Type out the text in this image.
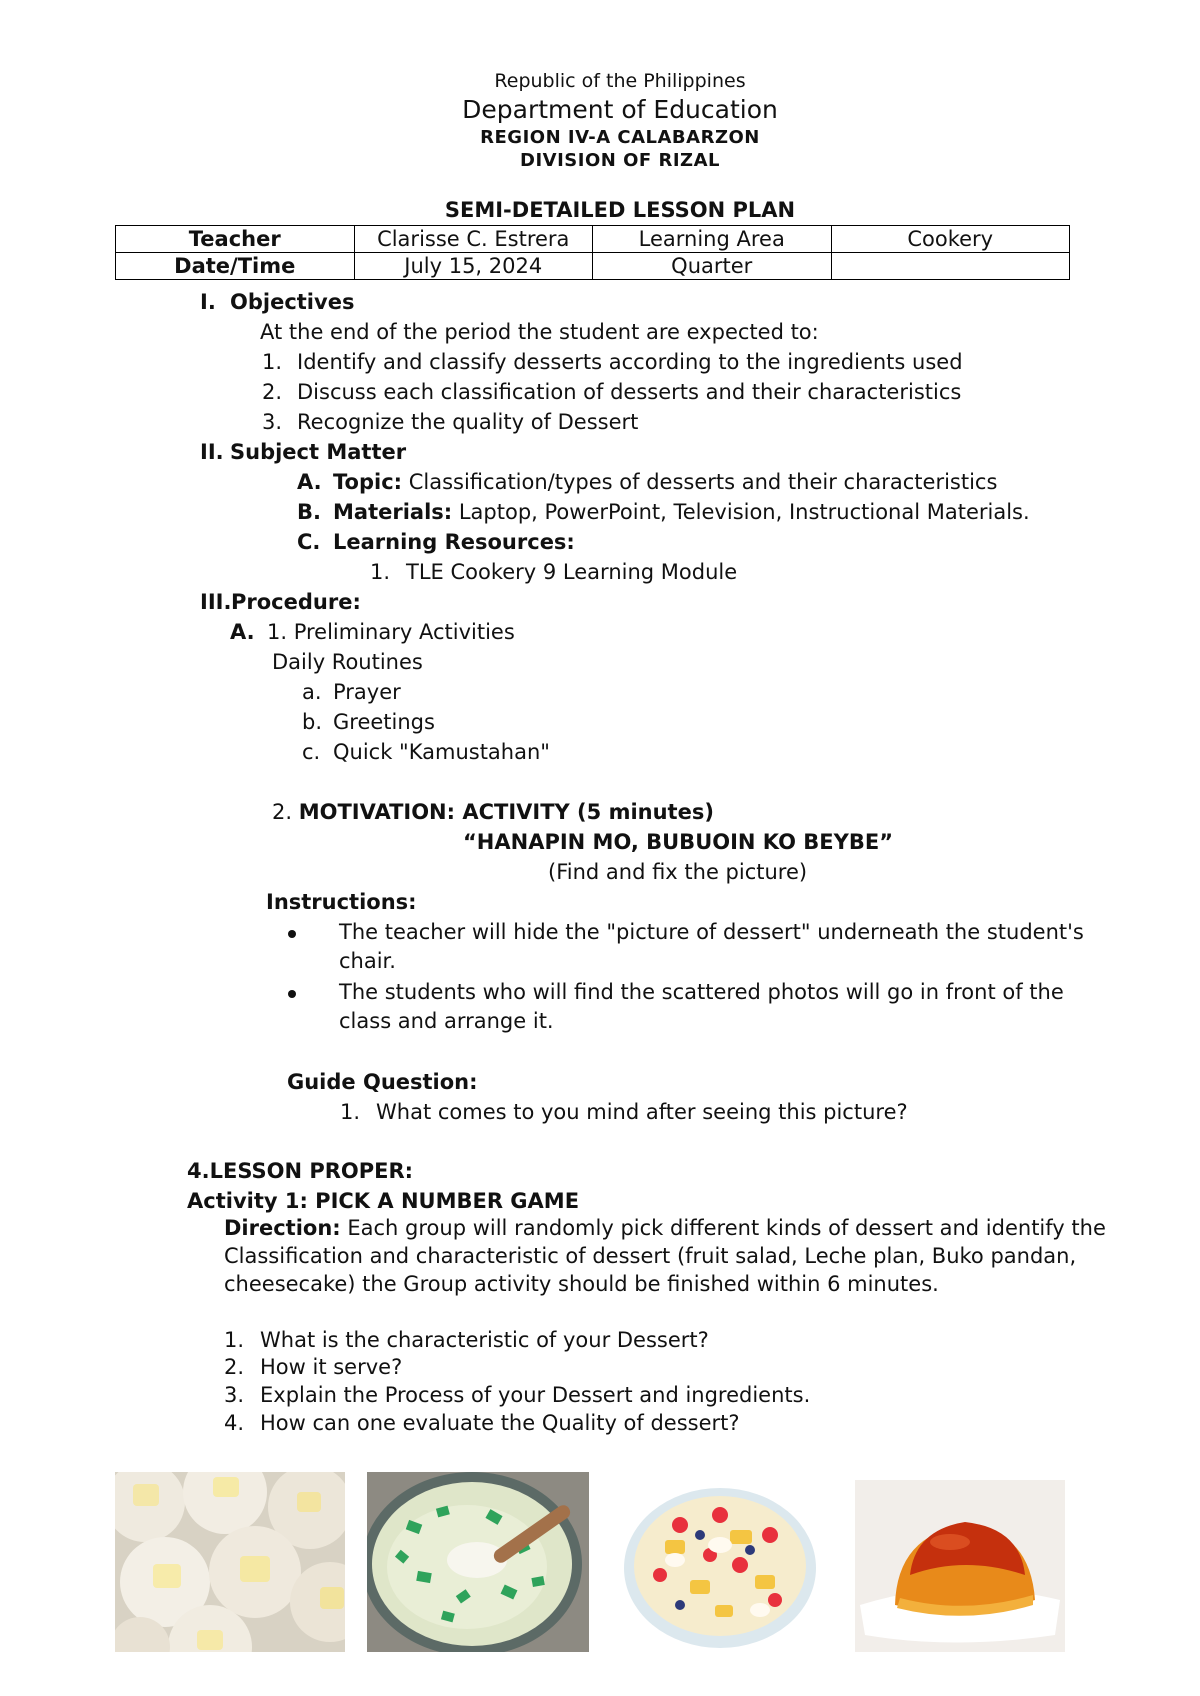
Republic of the Philippines
Department of Education
REGION IV-A CALABARZON
DIVISION OF RIZAL
SEMI-DETAILED LESSON PLAN
Teacher	Clarisse C. Estrera	Learning Area	Cookery
Date/Time	July 15, 2024	Quarter	
I. Objectives
At the end of the period the student are expected to:
1. Identify and classify desserts according to the ingredients used
2. Discuss each classification of desserts and their characteristics
3. Recognize the quality of Dessert
II. Subject Matter
A. Topic: Classification/types of desserts and their characteristics
B. Materials: Laptop, PowerPoint, Television, Instructional Materials.
C. Learning Resources:
1. TLE Cookery 9 Learning Module
III. Procedure:
A. 1. Preliminary Activities
Daily Routines
a. Prayer
b. Greetings
c. Quick "Kamustahan"
2. MOTIVATION: ACTIVITY (5 minutes)
“HANAPIN MO, BUBUOIN KO BEYBE”
(Find and fix the picture)
Instructions:
The teacher will hide the "picture of dessert" underneath the student's
chair.
The students who will find the scattered photos will go in front of the
class and arrange it.
Guide Question:
1. What comes to you mind after seeing this picture?
4.LESSON PROPER:
Activity 1: PICK A NUMBER GAME
Direction: Each group will randomly pick different kinds of dessert and identify the
Classification and characteristic of dessert (fruit salad, Leche plan, Buko pandan,
cheesecake) the Group activity should be finished within 6 minutes.
1. What is the characteristic of your Dessert?
2. How it serve?
3. Explain the Process of your Dessert and ingredients.
4. How can one evaluate the Quality of dessert?
